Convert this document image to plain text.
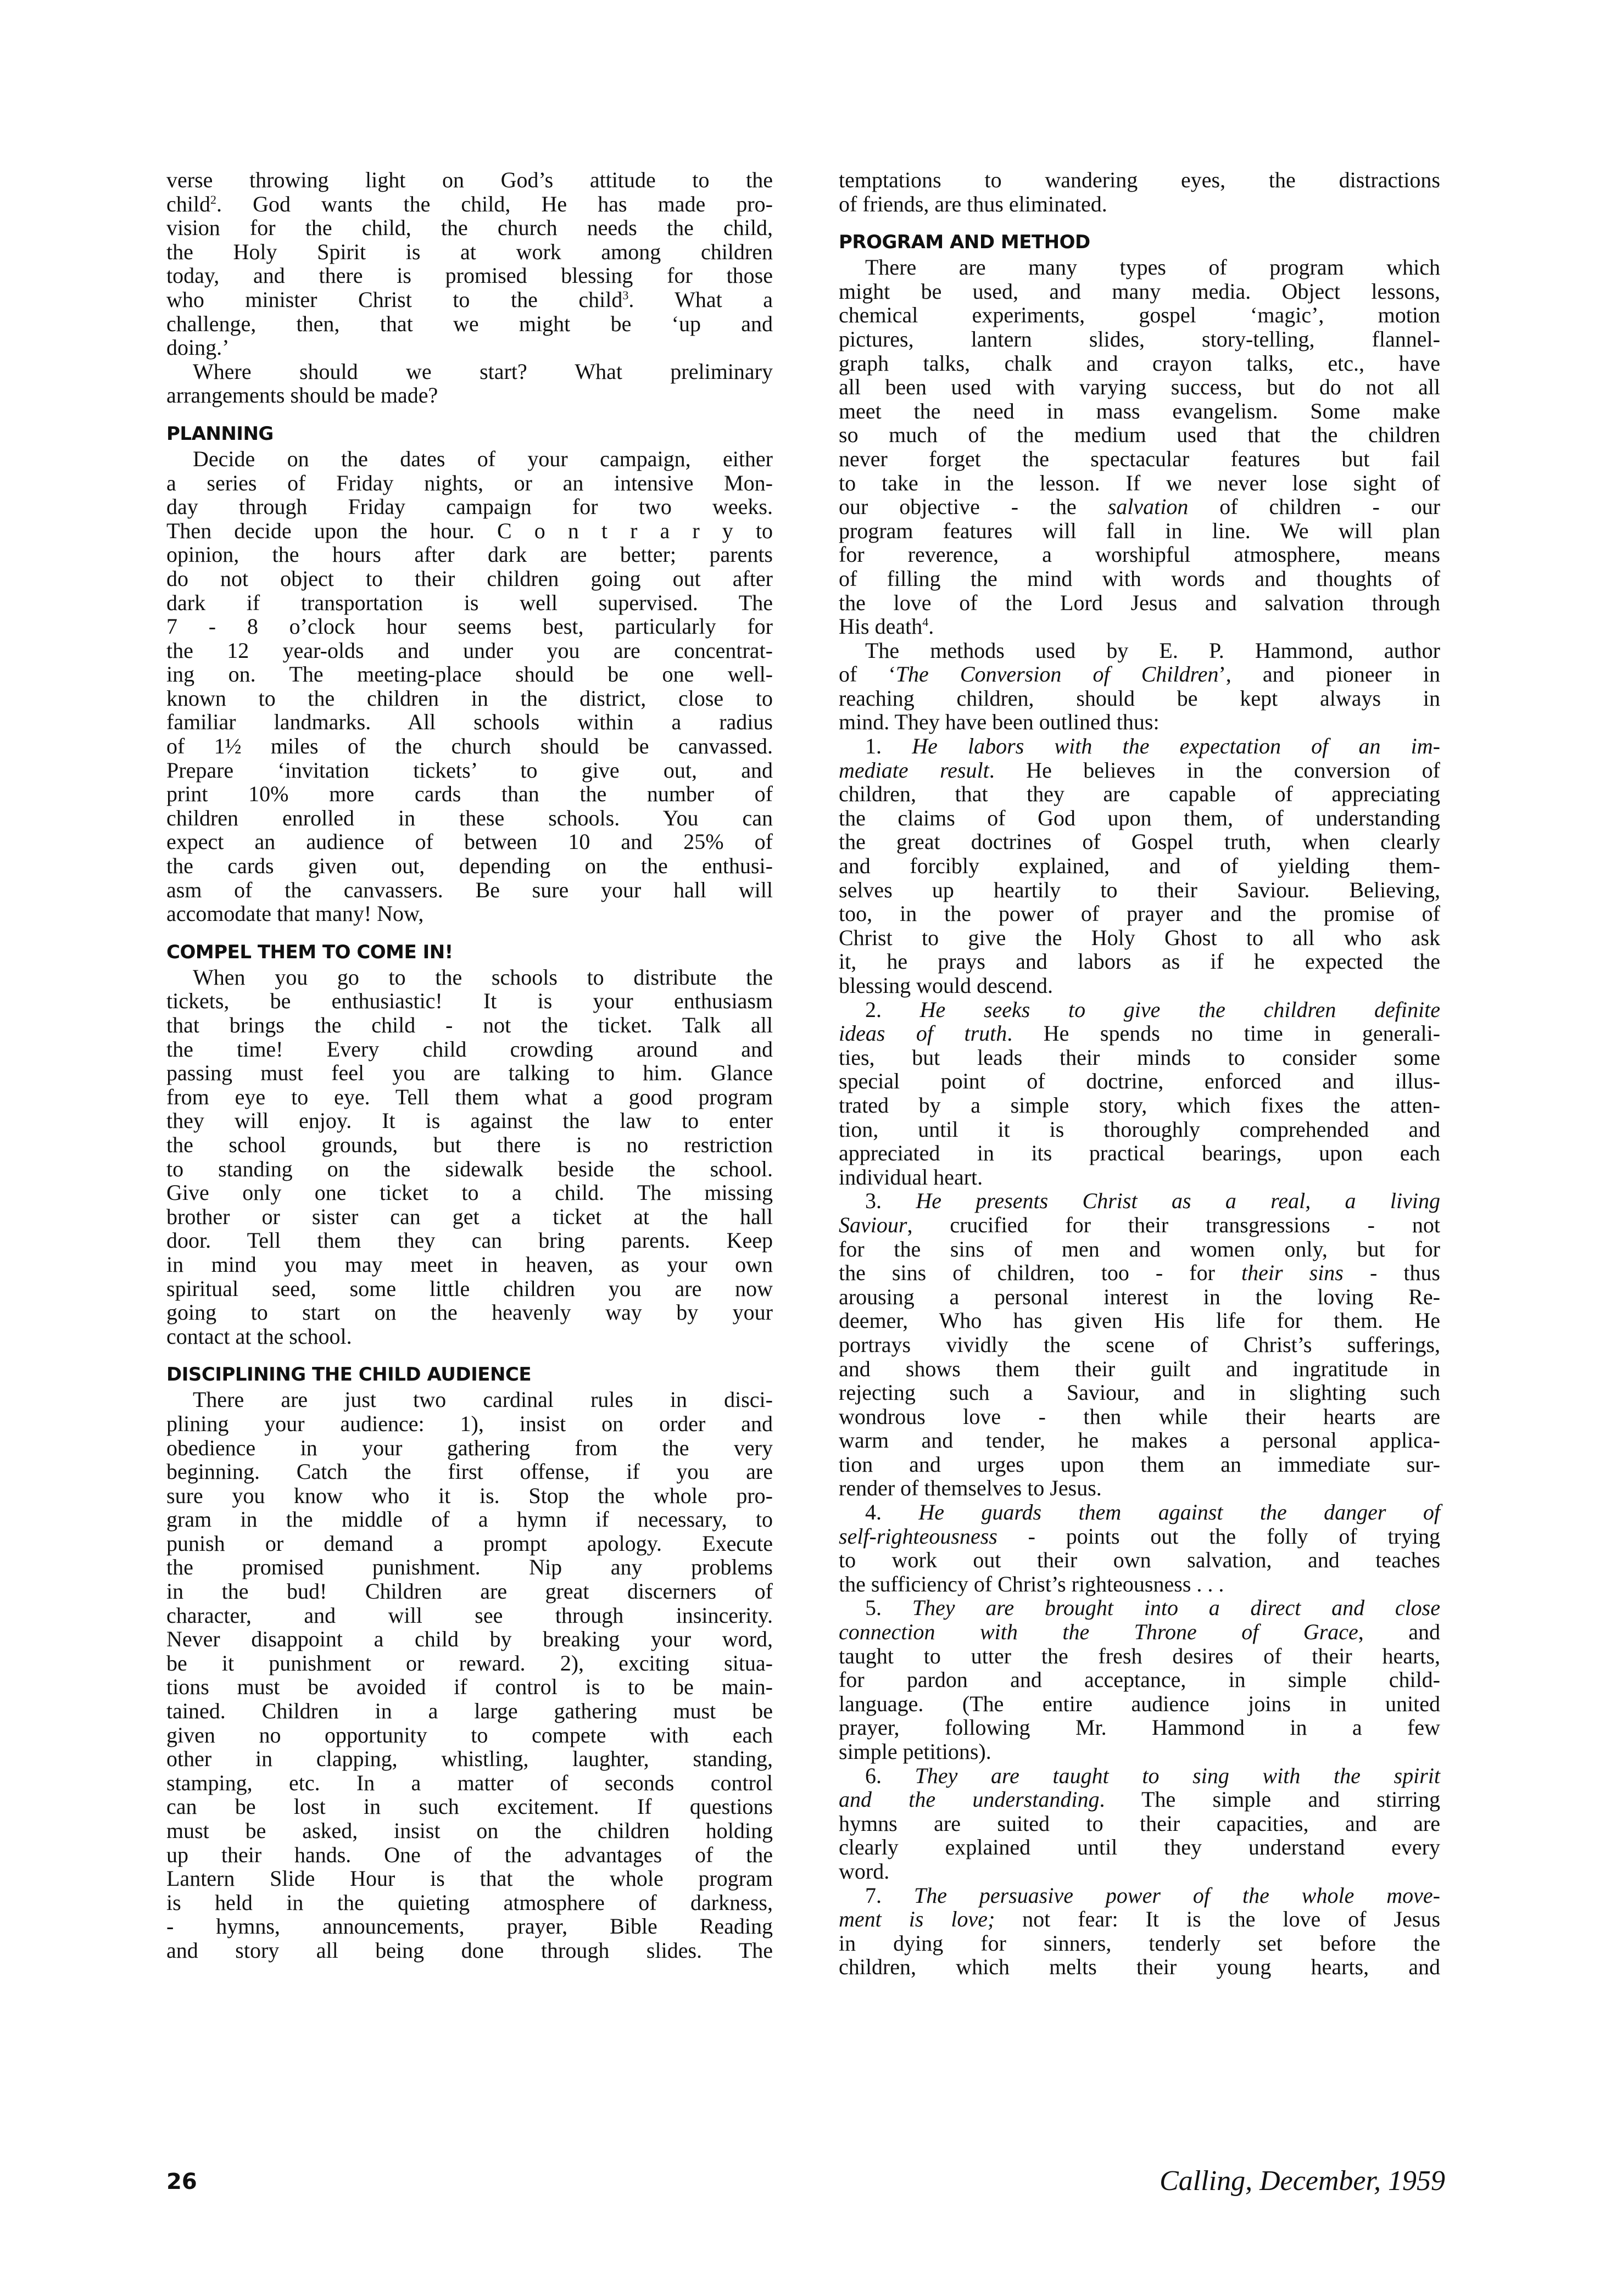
verse throwing light on God’s attitude to the
child$^2$. God wants the child, He has made pro-
vision for the child, the church needs the child,
the Holy Spirit is at work among children
today, and there is promised blessing for those
who minister Christ to the child$^3$. What a
challenge, then, that we might be ‘up and
doing.’
Where should we start? What preliminary
arrangements should be made?
PLANNING
Decide on the dates of your campaign, either
a series of Friday nights, or an intensive Mon-
day through Friday campaign for two weeks.
Then decide upon the hour. C o n t r a r y to
opinion, the hours after dark are better; parents
do not object to their children going out after
dark if transportation is well supervised. The
7 - 8 o’clock hour seems best, particularly for
the 12 year-olds and under you are concentrat-
ing on. The meeting-place should be one well-
known to the children in the district, close to
familiar landmarks. All schools within a radius
of 1½ miles of the church should be canvassed.
Prepare ‘invitation tickets’ to give out, and
print 10% more cards than the number of
children enrolled in these schools. You can
expect an audience of between 10 and 25% of
the cards given out, depending on the enthusi-
asm of the canvassers. Be sure your hall will
accomodate that many! Now,
COMPEL THEM TO COME IN!
When you go to the schools to distribute the
tickets, be enthusiastic! It is your enthusiasm
that brings the child - not the ticket. Talk all
the time! Every child crowding around and
passing must feel you are talking to him. Glance
from eye to eye. Tell them what a good program
they will enjoy. It is against the law to enter
the school grounds, but there is no restriction
to standing on the sidewalk beside the school.
Give only one ticket to a child. The missing
brother or sister can get a ticket at the hall
door. Tell them they can bring parents. Keep
in mind you may meet in heaven, as your own
spiritual seed, some little children you are now
going to start on the heavenly way by your
contact at the school.
DISCIPLINING THE CHILD AUDIENCE
There are just two cardinal rules in disci-
plining your audience: 1), insist on order and
obedience in your gathering from the very
beginning. Catch the first offense, if you are
sure you know who it is. Stop the whole pro-
gram in the middle of a hymn if necessary, to
punish or demand a prompt apology. Execute
the promised punishment. Nip any problems
in the bud! Children are great discerners of
character, and will see through insincerity.
Never disappoint a child by breaking your word,
be it punishment or reward. 2), exciting situa-
tions must be avoided if control is to be main-
tained. Children in a large gathering must be
given no opportunity to compete with each
other in clapping, whistling, laughter, standing,
stamping, etc. In a matter of seconds control
can be lost in such excitement. If questions
must be asked, insist on the children holding
up their hands. One of the advantages of the
Lantern Slide Hour is that the whole program
is held in the quieting atmosphere of darkness,
- hymns, announcements, prayer, Bible Reading
and story all being done through slides. The
temptations to wandering eyes, the distractions
of friends, are thus eliminated.
PROGRAM AND METHOD
There are many types of program which
might be used, and many media. Object lessons,
chemical experiments, gospel ‘magic’, motion
pictures, lantern slides, story-telling, flannel-
graph talks, chalk and crayon talks, etc., have
all been used with varying success, but do not all
meet the need in mass evangelism. Some make
so much of the medium used that the children
never forget the spectacular features but fail
to take in the lesson. If we never lose sight of
our objective - the salvation of children - our
program features will fall in line. We will plan
for reverence, a worshipful atmosphere, means
of filling the mind with words and thoughts of
the love of the Lord Jesus and salvation through
His death$^4$.
The methods used by E. P. Hammond, author
of ‘The Conversion of Children’, and pioneer in
reaching children, should be kept always in
mind. They have been outlined thus:
1. He labors with the expectation of an im-
mediate result. He believes in the conversion of
children, that they are capable of appreciating
the claims of God upon them, of understanding
the great doctrines of Gospel truth, when clearly
and forcibly explained, and of yielding them-
selves up heartily to their Saviour. Believing,
too, in the power of prayer and the promise of
Christ to give the Holy Ghost to all who ask
it, he prays and labors as if he expected the
blessing would descend.
2. He seeks to give the children definite
ideas of truth. He spends no time in generali-
ties, but leads their minds to consider some
special point of doctrine, enforced and illus-
trated by a simple story, which fixes the atten-
tion, until it is thoroughly comprehended and
appreciated in its practical bearings, upon each
individual heart.
3. He presents Christ as a real, a living
Saviour, crucified for their transgressions - not
for the sins of men and women only, but for
the sins of children, too - for their sins - thus
arousing a personal interest in the loving Re-
deemer, Who has given His life for them. He
portrays vividly the scene of Christ’s sufferings,
and shows them their guilt and ingratitude in
rejecting such a Saviour, and in slighting such
wondrous love - then while their hearts are
warm and tender, he makes a personal applica-
tion and urges upon them an immediate sur-
render of themselves to Jesus.
4. He guards them against the danger of
self-righteousness - points out the folly of trying
to work out their own salvation, and teaches
the sufficiency of Christ’s righteousness . . .
5. They are brought into a direct and close
connection with the Throne of Grace, and
taught to utter the fresh desires of their hearts,
for pardon and acceptance, in simple child-
language. (The entire audience joins in united
prayer, following Mr. Hammond in a few
simple petitions).
6. They are taught to sing with the spirit
and the understanding. The simple and stirring
hymns are suited to their capacities, and are
clearly explained until they understand every
word.
7. The persuasive power of the whole move-
ment is love; not fear: It is the love of Jesus
in dying for sinners, tenderly set before the
children, which melts their young hearts, and
26	Calling, December, 1959
